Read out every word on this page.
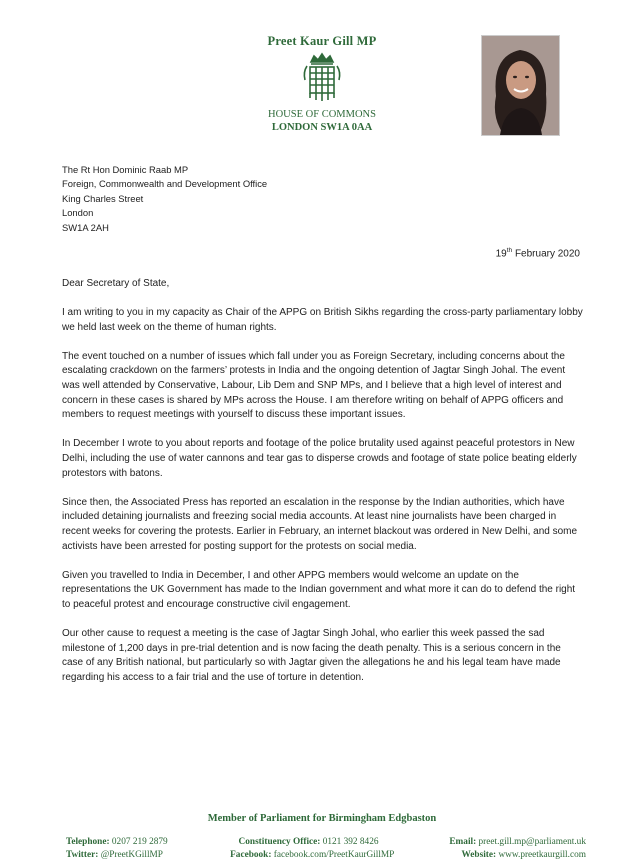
Preet Kaur Gill MP
HOUSE OF COMMONS
LONDON SW1A 0AA
The Rt Hon Dominic Raab MP
Foreign, Commonwealth and Development Office
King Charles Street
London
SW1A 2AH
19th February 2020
Dear Secretary of State,

I am writing to you in my capacity as Chair of the APPG on British Sikhs regarding the cross-party parliamentary lobby we held last week on the theme of human rights.

The event touched on a number of issues which fall under you as Foreign Secretary, including concerns about the escalating crackdown on the farmers’ protests in India and the ongoing detention of Jagtar Singh Johal. The event was well attended by Conservative, Labour, Lib Dem and SNP MPs, and I believe that a high level of interest and concern in these cases is shared by MPs across the House. I am therefore writing on behalf of APPG officers and members to request meetings with yourself to discuss these important issues.

In December I wrote to you about reports and footage of the police brutality used against peaceful protestors in New Delhi, including the use of water cannons and tear gas to disperse crowds and footage of state police beating elderly protestors with batons.

Since then, the Associated Press has reported an escalation in the response by the Indian authorities, which have included detaining journalists and freezing social media accounts. At least nine journalists have been charged in recent weeks for covering the protests. Earlier in February, an internet blackout was ordered in New Delhi, and some activists have been arrested for posting support for the protests on social media.

Given you travelled to India in December, I and other APPG members would welcome an update on the representations the UK Government has made to the Indian government and what more it can do to defend the right to peaceful protest and encourage constructive civil engagement.

Our other cause to request a meeting is the case of Jagtar Singh Johal, who earlier this week passed the sad milestone of 1,200 days in pre-trial detention and is now facing the death penalty. This is a serious concern in the case of any British national, but particularly so with Jagtar given the allegations he and his legal team have made regarding his access to a fair trial and the use of torture in detention.

Member of Parliament for Birmingham Edgbaston
Telephone: 0207 219 2879	Constituency Office: 0121 392 8426	Email: preet.gill.mp@parliament.uk
Twitter: @PreetKGillMP	Facebook: facebook.com/PreetKaurGillMP	Website: www.preetkaurgill.com
